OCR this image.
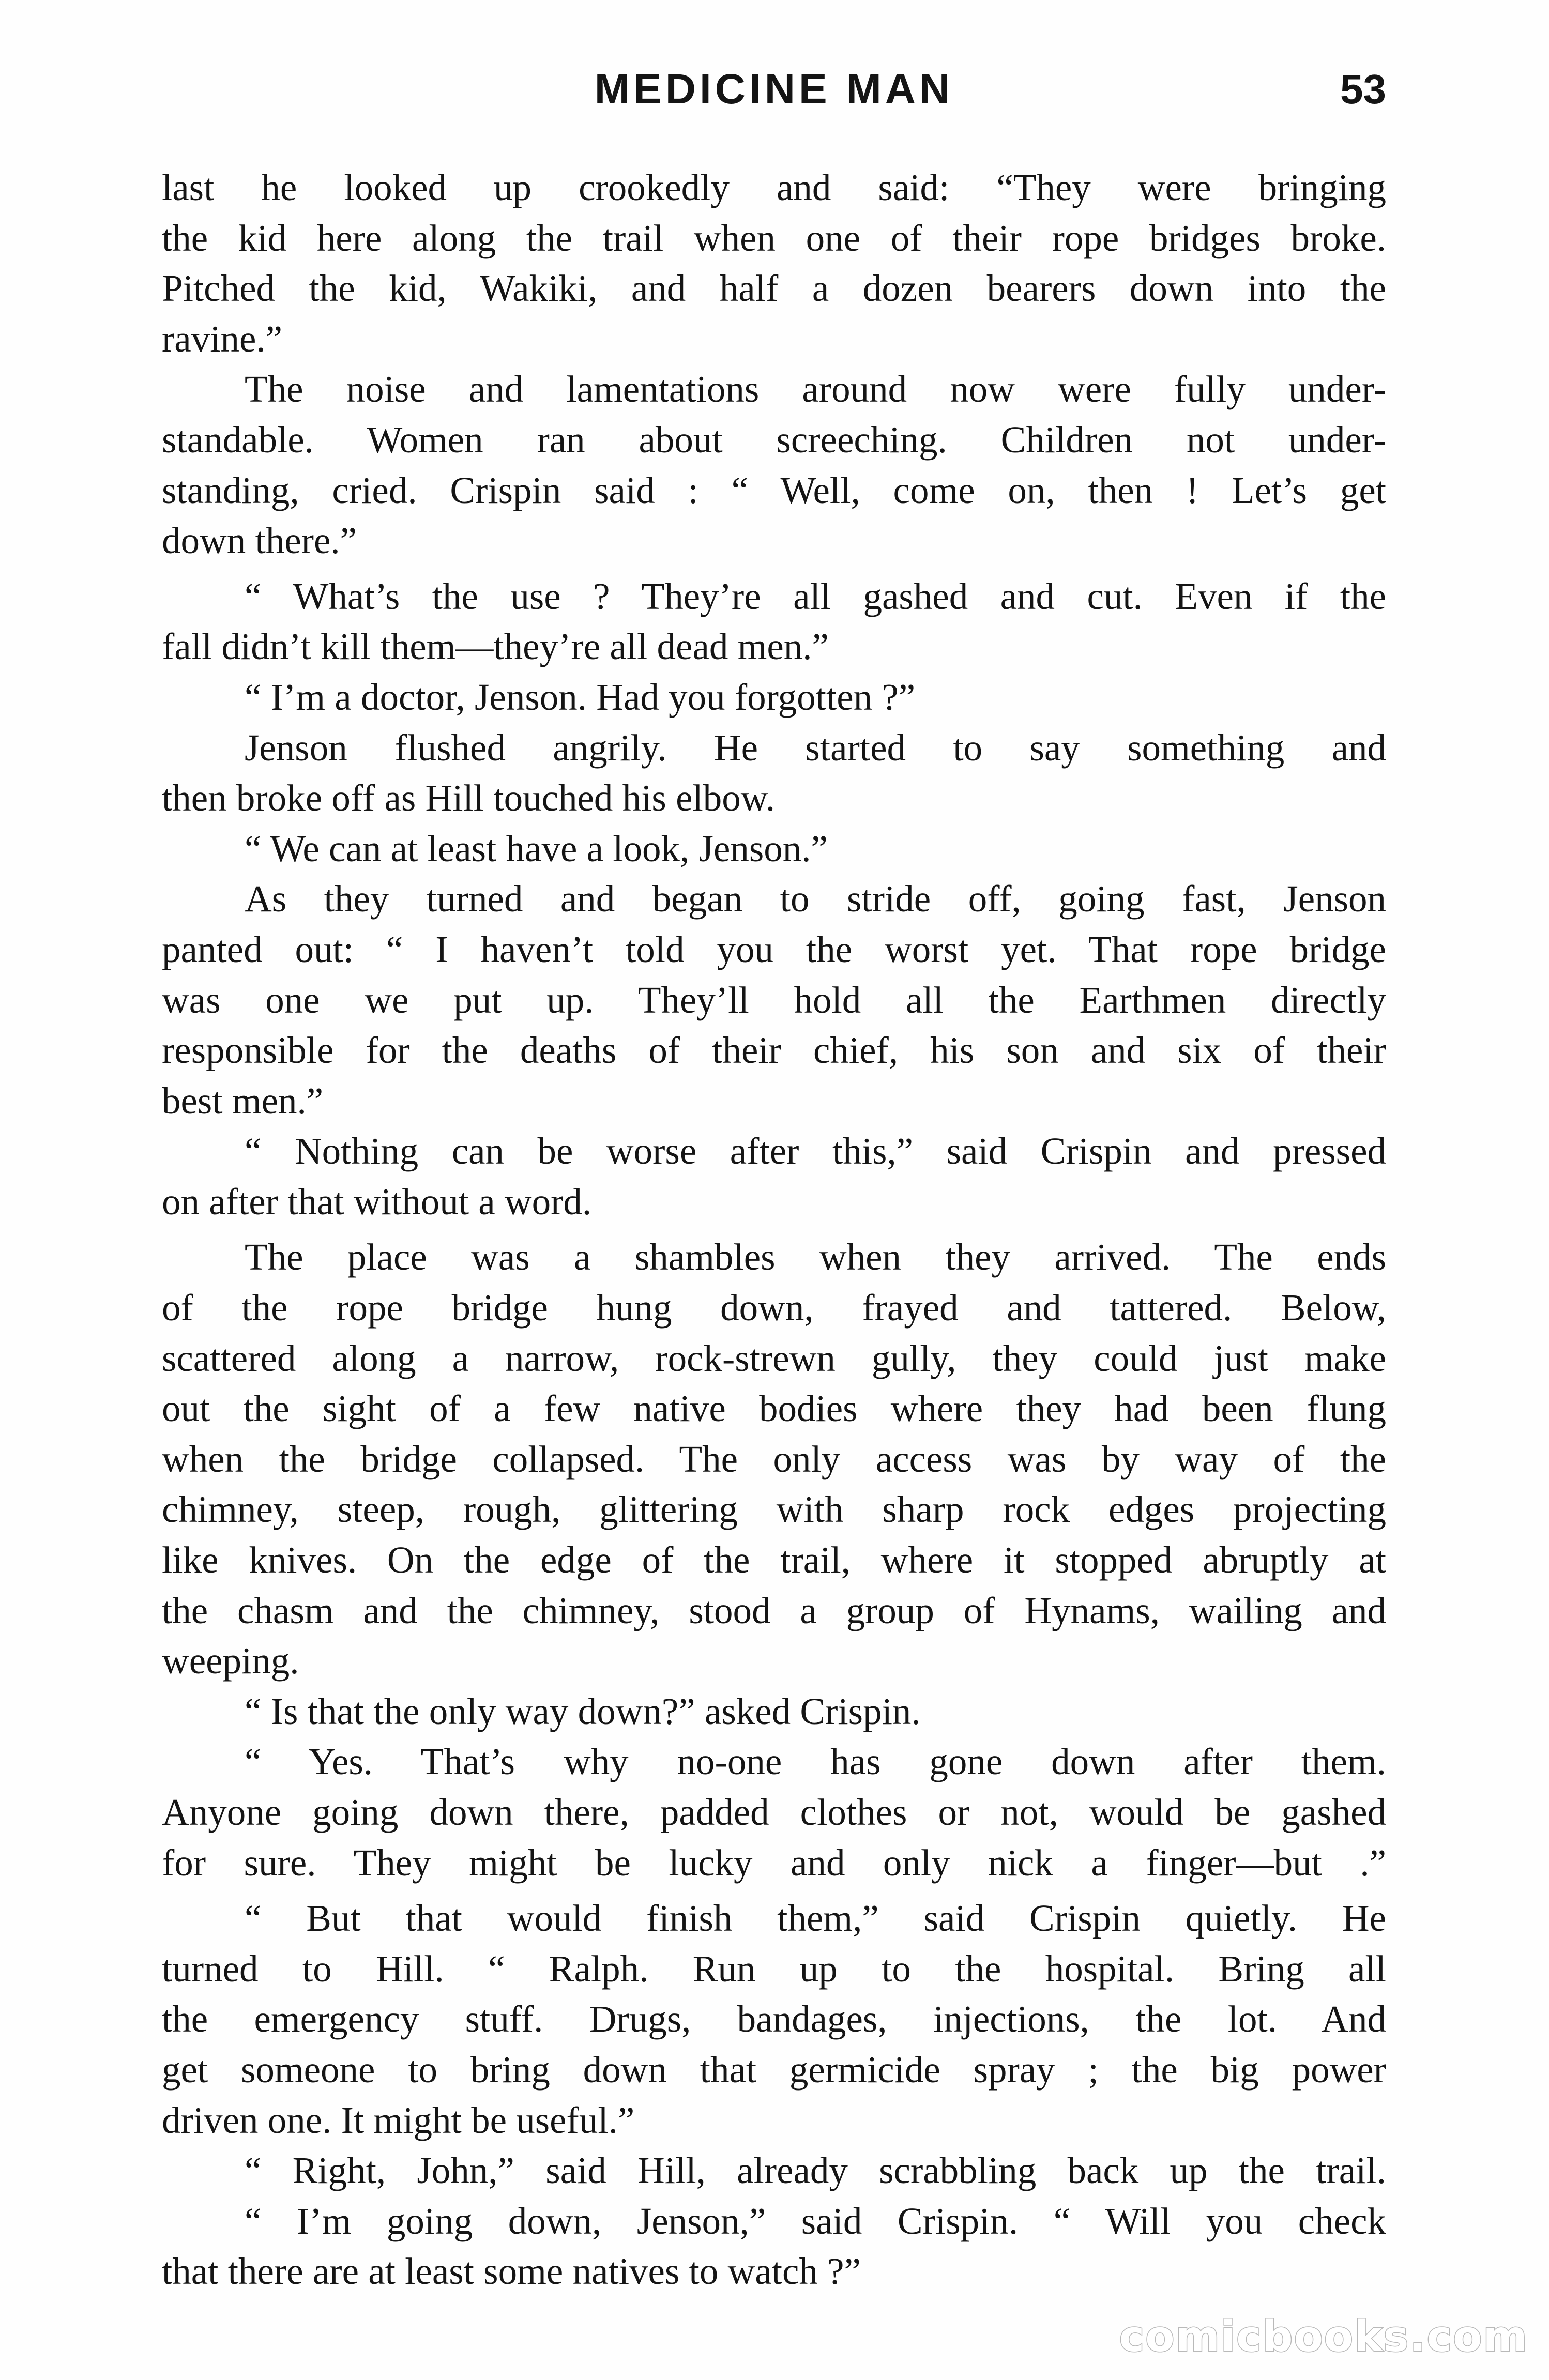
MEDICINE MAN	53
last he looked up crookedly and said: “They were bringing
the kid here along the trail when one of their rope bridges broke.
Pitched the kid, Wakiki, and half a dozen bearers down into the
ravine.”
The noise and lamentations around now were fully under-
standable. Women ran about screeching. Children not under-
standing, cried. Crispin said : “ Well, come on, then ! Let’s get
down there.”
“ What’s the use ? They’re all gashed and cut. Even if the
fall didn’t kill them—they’re all dead men.”
“ I’m a doctor, Jenson. Had you forgotten ?”
Jenson flushed angrily. He started to say something and
then broke off as Hill touched his elbow.
“ We can at least have a look, Jenson.”
As they turned and began to stride off, going fast, Jenson
panted out: “ I haven’t told you the worst yet. That rope bridge
was one we put up. They’ll hold all the Earthmen directly
responsible for the deaths of their chief, his son and six of their
best men.”
“ Nothing can be worse after this,” said Crispin and pressed
on after that without a word.
The place was a shambles when they arrived. The ends
of the rope bridge hung down, frayed and tattered. Below,
scattered along a narrow, rock-strewn gully, they could just make
out the sight of a few native bodies where they had been flung
when the bridge collapsed. The only access was by way of the
chimney, steep, rough, glittering with sharp rock edges projecting
like knives. On the edge of the trail, where it stopped abruptly at
the chasm and the chimney, stood a group of Hynams, wailing and
weeping.
“ Is that the only way down?” asked Crispin.
“ Yes. That’s why no-one has gone down after them.
Anyone going down there, padded clothes or not, would be gashed
for sure. They might be lucky and only nick a finger—but .”
“ But that would finish them,” said Crispin quietly. He
turned to Hill. “ Ralph. Run up to the hospital. Bring all
the emergency stuff. Drugs, bandages, injections, the lot. And
get someone to bring down that germicide spray ; the big power
driven one. It might be useful.”
“ Right, John,” said Hill, already scrabbling back up the trail.
“ I’m going down, Jenson,” said Crispin. “ Will you check
that there are at least some natives to watch ?”
comicbooks.com
